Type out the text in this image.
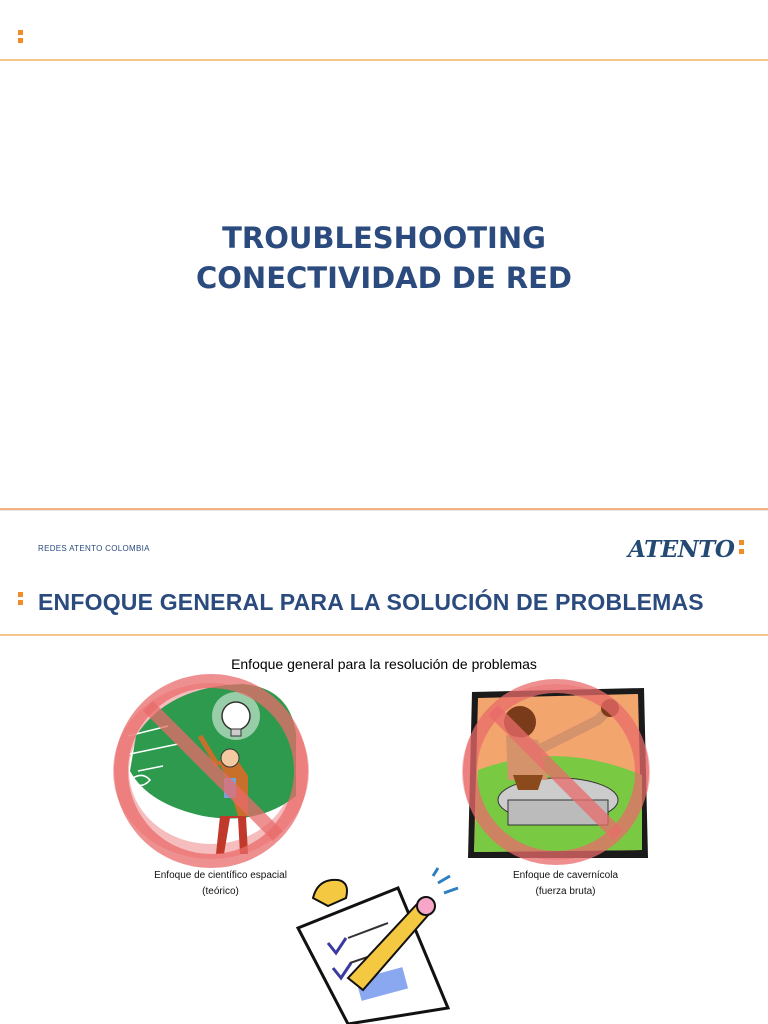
TROUBLESHOOTING
CONECTIVIDAD DE RED
REDES ATENTO COLOMBIA	ATENTO
ENFOQUE GENERAL PARA LA SOLUCIÓN DE PROBLEMAS
Enfoque general para la resolución de problemas
Enfoque de científico espacial
(teórico)
Enfoque de cavernícola
(fuerza bruta)
